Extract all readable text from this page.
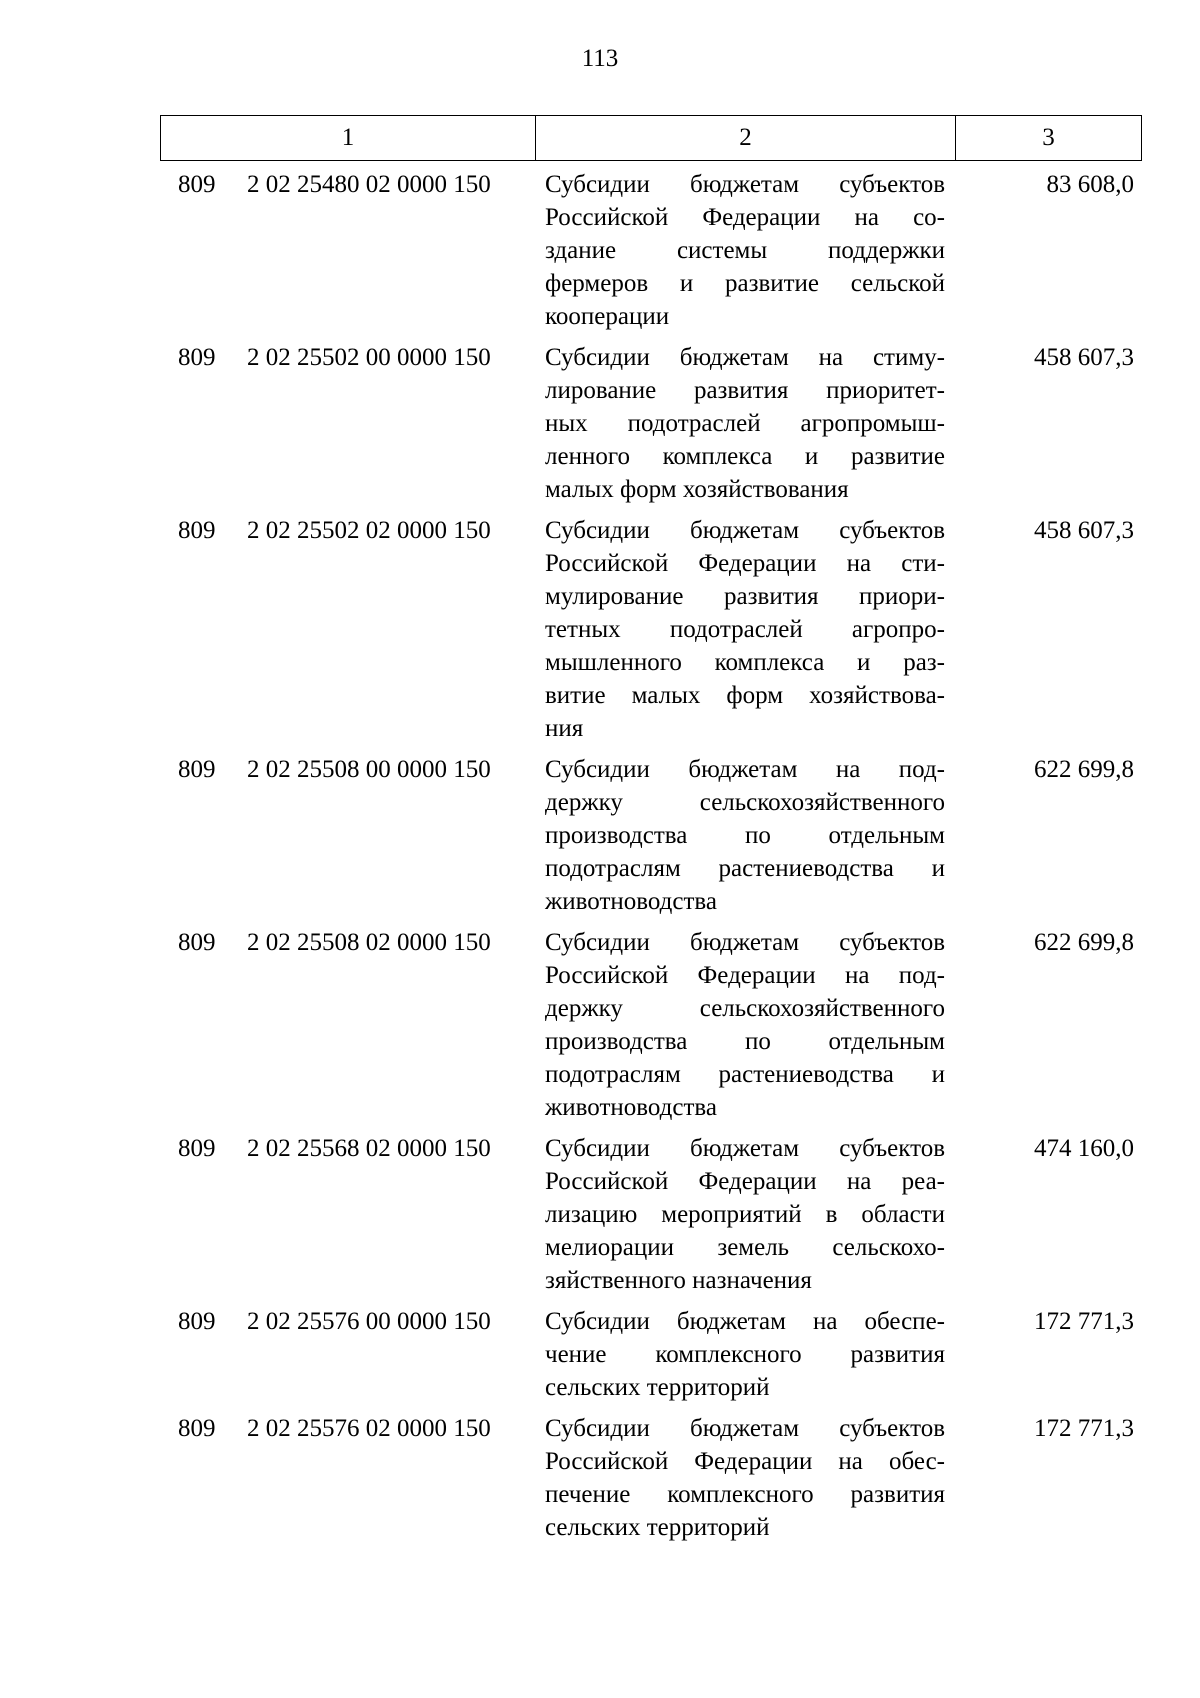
113
1	2	3
809 2 02 25480 02 0000 150 Субсидии бюджетам субъектов
Российской Федерации на со-
здание системы поддержки
фермеров и развитие сельской
кооперации
83 608,0
809 2 02 25502 00 0000 150 Субсидии бюджетам на стиму-
лирование развития приоритет-
ных подотраслей агропромыш-
ленного комплекса и развитие
малых форм хозяйствования
458 607,3
809 2 02 25502 02 0000 150 Субсидии бюджетам субъектов
Российской Федерации на сти-
мулирование развития приори-
тетных подотраслей агропро-
мышленного комплекса и раз-
витие малых форм хозяйствова-
ния
458 607,3
809 2 02 25508 00 0000 150 Субсидии бюджетам на под-
держку сельскохозяйственного
производства по отдельным
подотраслям растениеводства и
животноводства
622 699,8
809 2 02 25508 02 0000 150 Субсидии бюджетам субъектов
Российской Федерации на под-
держку сельскохозяйственного
производства по отдельным
подотраслям растениеводства и
животноводства
622 699,8
809 2 02 25568 02 0000 150 Субсидии бюджетам субъектов
Российской Федерации на реа-
лизацию мероприятий в области
мелиорации земель сельскохо-
зяйственного назначения
474 160,0
809 2 02 25576 00 0000 150 Субсидии бюджетам на обеспе-
чение комплексного развития
сельских территорий
172 771,3
809 2 02 25576 02 0000 150 Субсидии бюджетам субъектов
Российской Федерации на обес-
печение комплексного развития
сельских территорий
172 771,3
